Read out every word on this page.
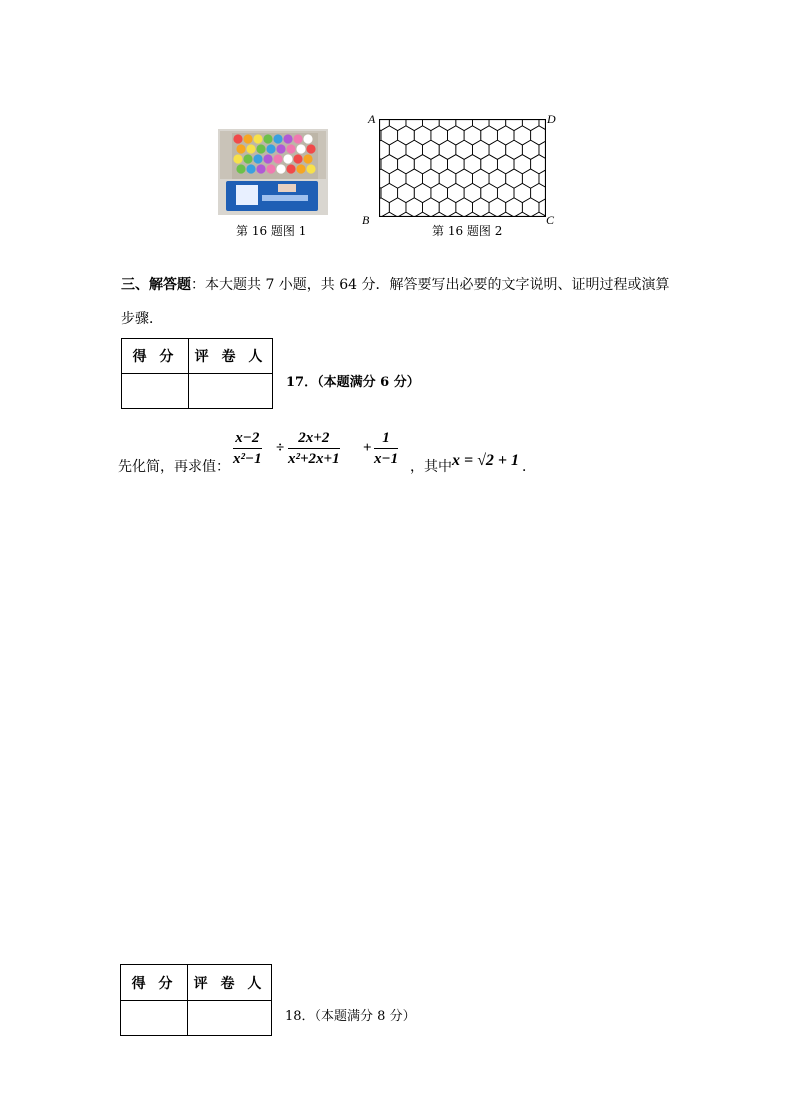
第 16 题图 1
A	D
B	C
第 16 题图 2
三、解答题：本大题共 7 小题，共 64 分．解答要写出必要的文字说明、证明过程或演算步骤．
得 分	评 卷 人

17．（本题满分 6 分）
先化简，再求值： $\frac{x-2}{\text{x²−1}} \div \frac{2x+2}{\text{x²+2x+1}} + \frac{1}{x-1}$ ，其中 x = √2 + 1 ．
得 分	评 卷 人

18．（本题满分 8 分）
